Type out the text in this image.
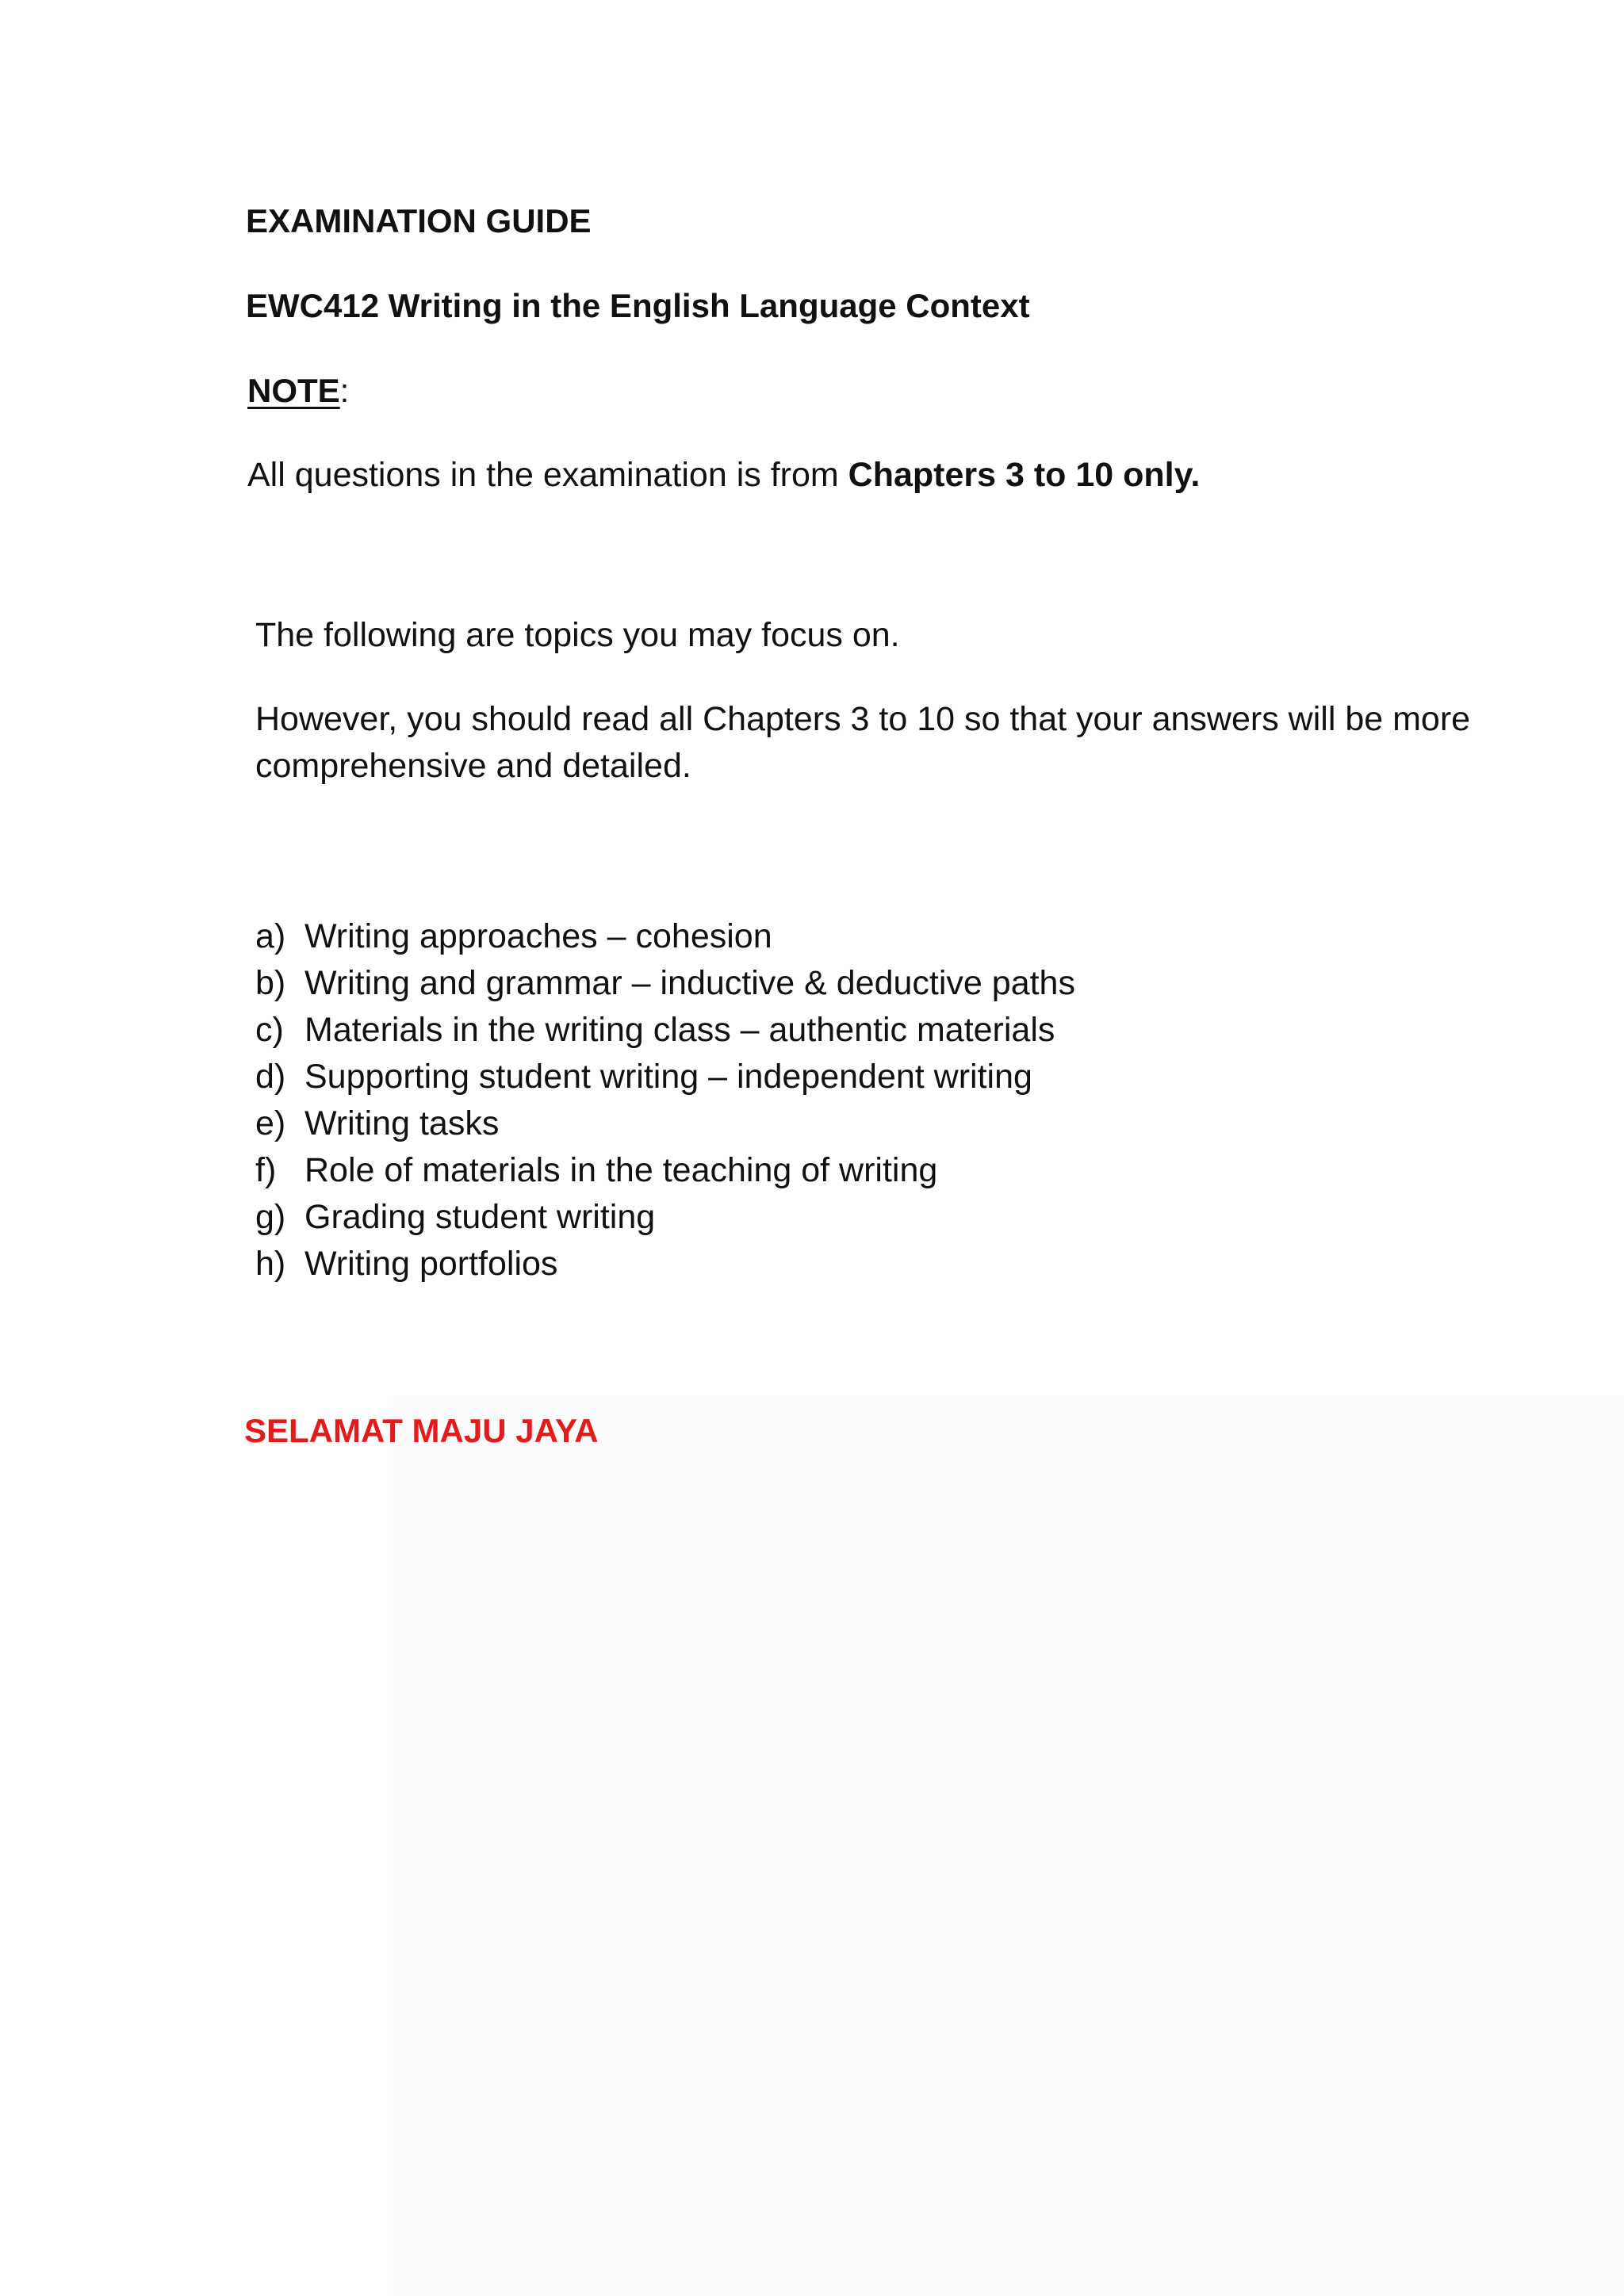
EXAMINATION GUIDE
EWC412 Writing in the English Language Context
NOTE:
All questions in the examination is from Chapters 3 to 10 only.
The following are topics you may focus on.
However, you should read all Chapters 3 to 10 so that your answers will be more comprehensive and detailed.
a) Writing approaches – cohesion
b) Writing and grammar – inductive & deductive paths
c) Materials in the writing class – authentic materials
d) Supporting student writing – independent writing
e) Writing tasks
f) Role of materials in the teaching of writing
g) Grading student writing
h) Writing portfolios
SELAMAT MAJU JAYA
